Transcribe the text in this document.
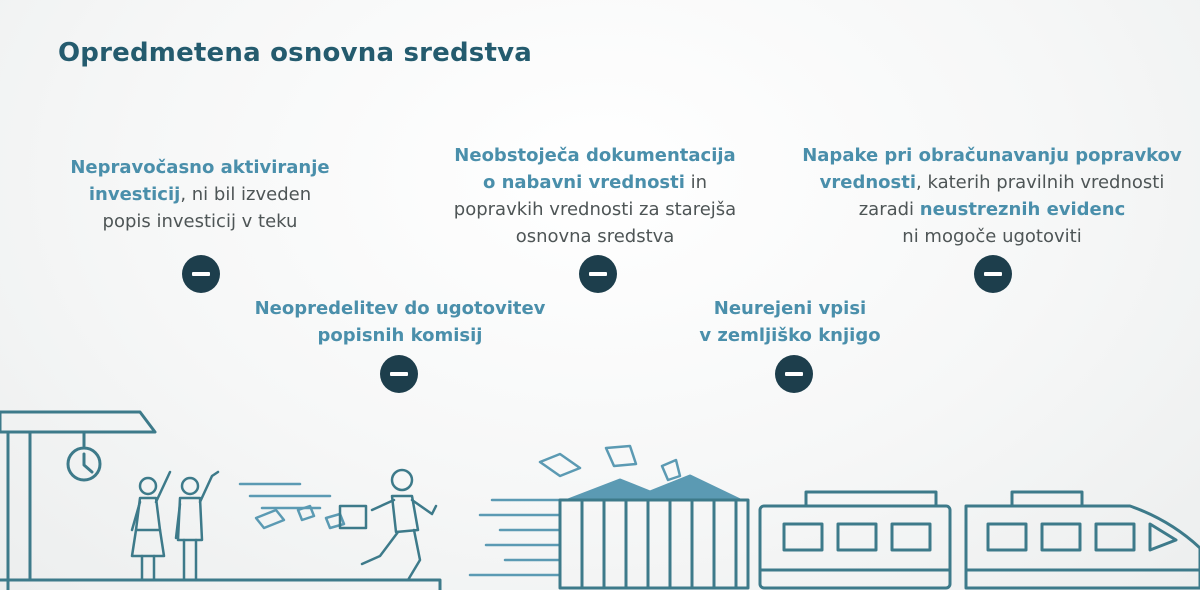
Opredmetena osnovna sredstva
Nepravočasno aktiviranje
investicij, ni bil izveden
popis investicij v teku
Neopredelitev do ugotovitev
popisnih komisij
Neobstoječa dokumentacija
o nabavni vrednosti in
popravkih vrednosti za starejša
osnovna sredstva
Neurejeni vpisi
v zemljiško knjigo
Napake pri obračunavanju popravkov
vrednosti, katerih pravilnih vrednosti
zaradi neustreznih evidenc
ni mogoče ugotoviti
